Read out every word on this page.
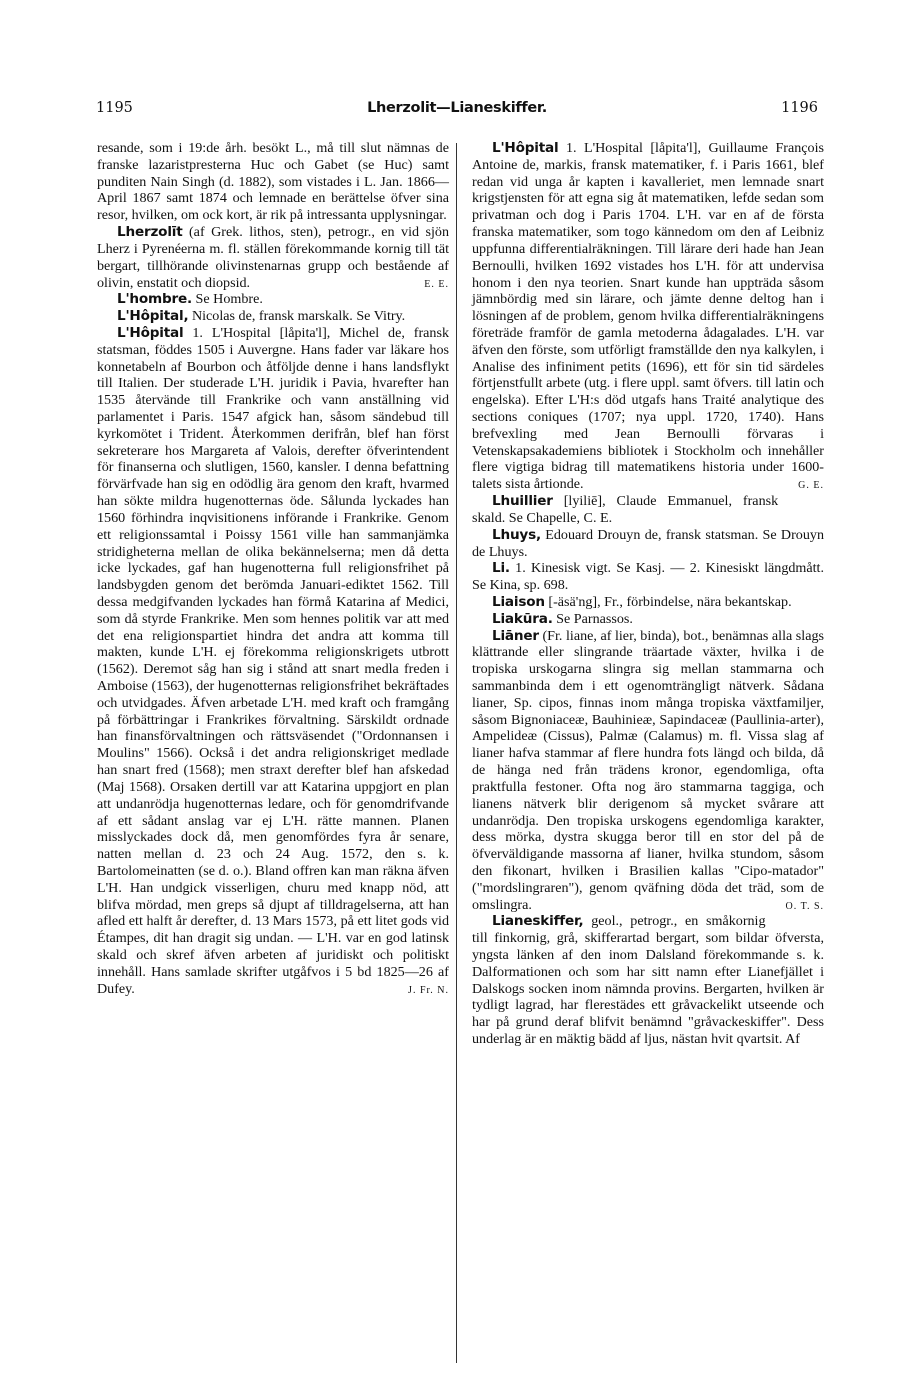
1195	Lherzolit—Lianeskiffer.	1196

resande, som i 19:de årh. besökt L., må till slut nämnas de franske lazaristpresterna Huc och Gabet (se Huc) samt punditen Nain Singh (d. 1882), som vistades i L. Jan. 1866—April 1867 samt 1874 och lemnade en berättelse öfver sina resor, hvilken, om ock kort, är rik på intressanta upplysningar.

Lherzolīt (af Grek. lithos, sten), petrogr., en vid sjön Lherz i Pyrenéerna m. fl. ställen förekommande kornig till tät bergart, tillhörande olivinstenarnas grupp och bestående af olivin, enstatit och diopsid.	E. E.

L'hombre. Se Hombre.

L'Hôpital, Nicolas de, fransk marskalk. Se Vitry.

L'Hôpital 1. L'Hospital [låpita'l], Michel de, fransk statsman, föddes 1505 i Auvergne. Hans fader var läkare hos konnetabeln af Bourbon och åtföljde denne i hans landsflykt till Italien. Der studerade L'H. juridik i Pavia, hvarefter han 1535 återvände till Frankrike och vann anställning vid parlamentet i Paris. 1547 afgick han, såsom sändebud till kyrkomötet i Trident. Återkommen derifrån, blef han först sekreterare hos Margareta af Valois, derefter öfverintendent för finanserna och slutligen, 1560, kansler. I denna befattning förvärfvade han sig en odödlig ära genom den kraft, hvarmed han sökte mildra hugenotternas öde. Sålunda lyckades han 1560 förhindra inqvisitionens införande i Frankrike. Genom ett religionssamtal i Poissy 1561 ville han sammanjämka stridigheterna mellan de olika bekännelserna; men då detta icke lyckades, gaf han hugenotterna full religionsfrihet på landsbygden genom det berömda Januari-ediktet 1562. Till dessa medgifvanden lyckades han förmå Katarina af Medici, som då styrde Frankrike. Men som hennes politik var att med det ena religionspartiet hindra det andra att komma till makten, kunde L'H. ej förekomma religionskrigets utbrott (1562). Deremot såg han sig i stånd att snart medla freden i Amboise (1563), der hugenotternas religionsfrihet bekräftades och utvidgades. Äfven arbetade L'H. med kraft och framgång på förbättringar i Frankrikes förvaltning. Särskildt ordnade han finansförvaltningen och rättsväsendet ("Ordonnansen i Moulins" 1566). Också i det andra religionskriget medlade han snart fred (1568); men straxt derefter blef han afskedad (Maj 1568). Orsaken dertill var att Katarina uppgjort en plan att undanrödja hugenotternas ledare, och för genomdrifvande af ett sådant anslag var ej L'H. rätte mannen. Planen misslyckades dock då, men genomfördes fyra år senare, natten mellan d. 23 och 24 Aug. 1572, den s. k. Bartolomeinatten (se d. o.). Bland offren kan man räkna äfven L'H. Han undgick visserligen, churu med knapp nöd, att blifva mördad, men greps så djupt af tilldragelserna, att han afled ett halft år derefter, d. 13 Mars 1573, på ett litet gods vid Étampes, dit han dragit sig undan. — L'H. var en god latinsk skald och skref äfven arbeten af juridiskt och politiskt innehåll. Hans samlade skrifter utgåfvos i 5 bd 1825—26 af Dufey.	J. Fr. N.

L'Hôpital 1. L'Hospital [låpita'l], Guillaume François Antoine de, markis, fransk matematiker, f. i Paris 1661, blef redan vid unga år kapten i kavalleriet, men lemnade snart krigstjensten för att egna sig åt matematiken, lefde sedan som privatman och dog i Paris 1704. L'H. var en af de första franska matematiker, som togo kännedom om den af Leibniz uppfunna differentialräkningen. Till lärare deri hade han Jean Bernoulli, hvilken 1692 vistades hos L'H. för att undervisa honom i den nya teorien. Snart kunde han uppträda såsom jämnbördig med sin lärare, och jämte denne deltog han i lösningen af de problem, genom hvilka differentialräkningens företräde framför de gamla metoderna ådagalades. L'H. var äfven den förste, som utförligt framställde den nya kalkylen, i Analise des infiniment petits (1696), ett för sin tid särdeles förtjenstfullt arbete (utg. i flere uppl. samt öfvers. till latin och engelska). Efter L'H:s död utgafs hans Traité analytique des sections coniques (1707; nya uppl. 1720, 1740). Hans brefvexling med Jean Bernoulli förvaras i Vetenskapsakademiens bibliotek i Stockholm och innehåller flere vigtiga bidrag till matematikens historia under 1600-talets sista årtionde.	G. E.

Lhuillier [lyiliē], Claude Emmanuel, fransk skald. Se Chapelle, C. E.

Lhuys, Edouard Drouyn de, fransk statsman. Se Drouyn de Lhuys.

Li. 1. Kinesisk vigt. Se Kasj. — 2. Kinesiskt längdmått. Se Kina, sp. 698.

Liaison [-äsä'ng], Fr., förbindelse, nära bekantskap.

Liakūra. Se Parnassos.

Liāner (Fr. liane, af lier, binda), bot., benämnas alla slags klättrande eller slingrande träartade växter, hvilka i de tropiska urskogarna slingra sig mellan stammarna och sammanbinda dem i ett ogenomträngligt nätverk. Sådana lianer, Sp. cipos, finnas inom många tropiska växtfamiljer, såsom Bignoniaceæ, Bauhinieæ, Sapindaceæ (Paullinia-arter), Ampelideæ (Cissus), Palmæ (Calamus) m. fl. Vissa slag af lianer hafva stammar af flere hundra fots längd och bilda, då de hänga ned från trädens kronor, egendomliga, ofta praktfulla festoner. Ofta nog äro stammarna taggiga, och lianens nätverk blir derigenom så mycket svårare att undanrödja. Den tropiska urskogens egendomliga karakter, dess mörka, dystra skugga beror till en stor del på de öfverväldigande massorna af lianer, hvilka stundom, såsom den fikonart, hvilken i Brasilien kallas "Cipo-matador" ("mordslingraren"), genom qväfning döda det träd, som de omslingra.	O. T. S.

Lianeskiffer, geol., petrogr., en småkornig till finkornig, grå, skifferartad bergart, som bildar öfversta, yngsta länken af den inom Dalsland förekommande s. k. Dalformationen och som har sitt namn efter Lianefjället i Dalskogs socken inom nämnda provins. Bergarten, hvilken är tydligt lagrad, har flerestädes ett gråvackelikt utseende och har på grund deraf blifvit benämnd "gråvackeskiffer". Dess underlag är en mäktig bädd af ljus, nästan hvit qvartsit. Af
